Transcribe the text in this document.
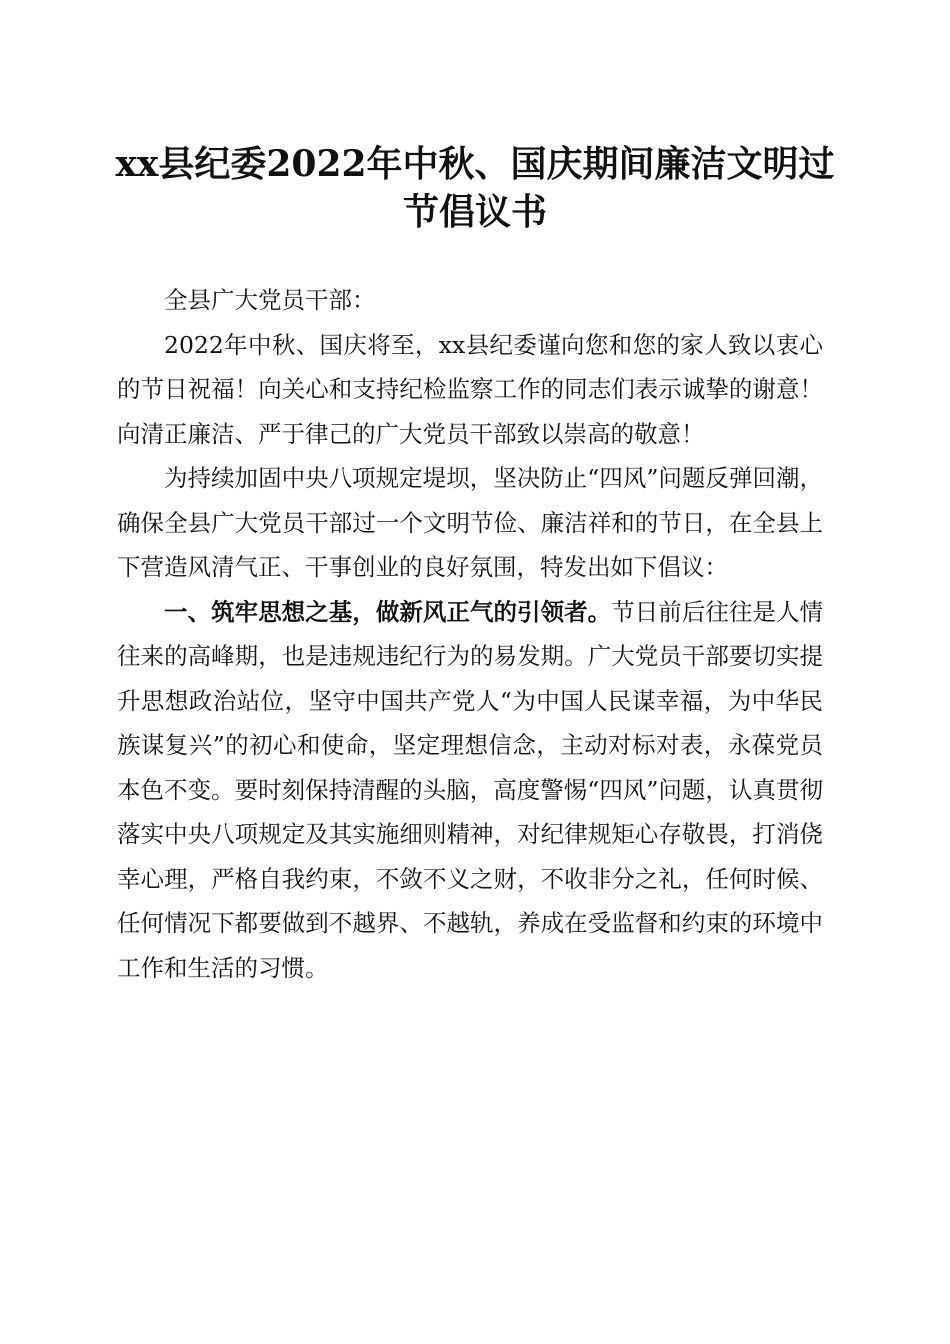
xx县纪委2022年中秋、国庆期间廉洁文明过节倡议书

全县广大党员干部：

2022年中秋、国庆将至，xx县纪委谨向您和您的家人致以衷心的节日祝福！向关心和支持纪检监察工作的同志们表示诚挚的谢意！向清正廉洁、严于律己的广大党员干部致以崇高的敬意！

为持续加固中央八项规定堤坝，坚决防止“四风”问题反弹回潮，确保全县广大党员干部过一个文明节俭、廉洁祥和的节日，在全县上下营造风清气正、干事创业的良好氛围，特发出如下倡议：

一、筑牢思想之基，做新风正气的引领者。节日前后往往是人情往来的高峰期，也是违规违纪行为的易发期。广大党员干部要切实提升思想政治站位，坚守中国共产党人“为中国人民谋幸福，为中华民族谋复兴”的初心和使命，坚定理想信念，主动对标对表，永葆党员本色不变。要时刻保持清醒的头脑，高度警惕“四风”问题，认真贯彻落实中央八项规定及其实施细则精神，对纪律规矩心存敬畏，打消侥幸心理，严格自我约束，不敛不义之财，不收非分之礼，任何时候、任何情况下都要做到不越界、不越轨，养成在受监督和约束的环境中工作和生活的习惯。
